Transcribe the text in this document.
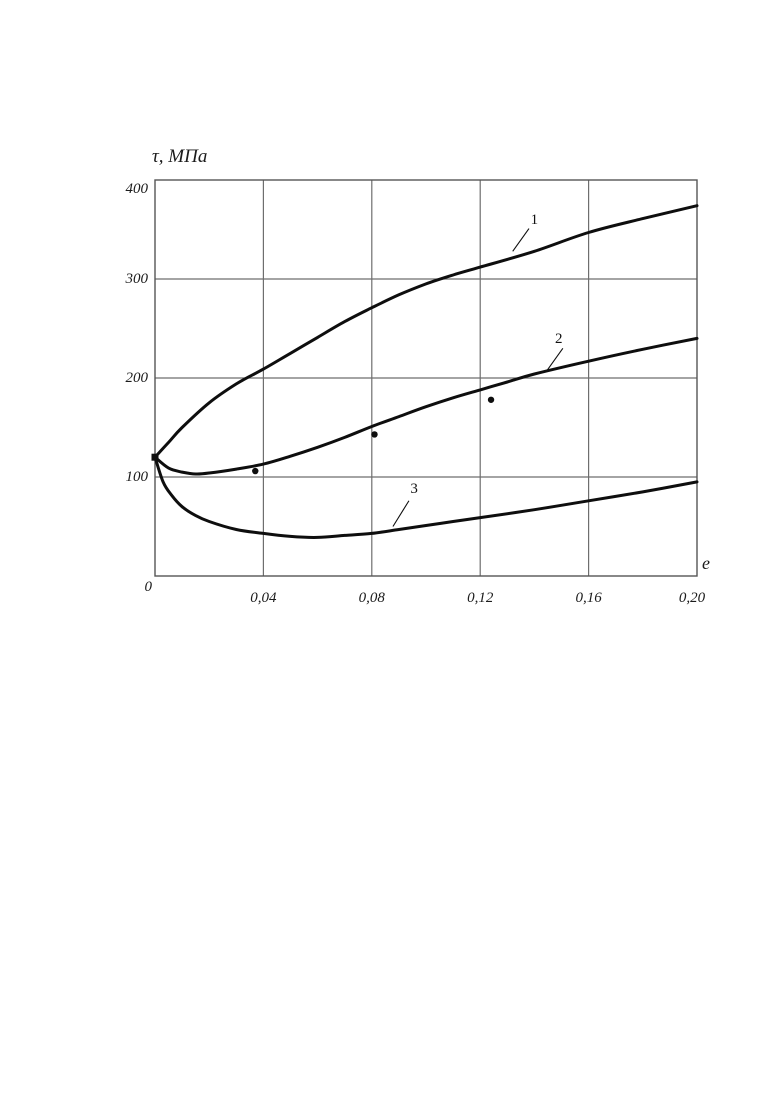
τ, МПа
e
1
2
3
400
300
200
100
0,04	0,08	0,12	0,16	0,20
0
